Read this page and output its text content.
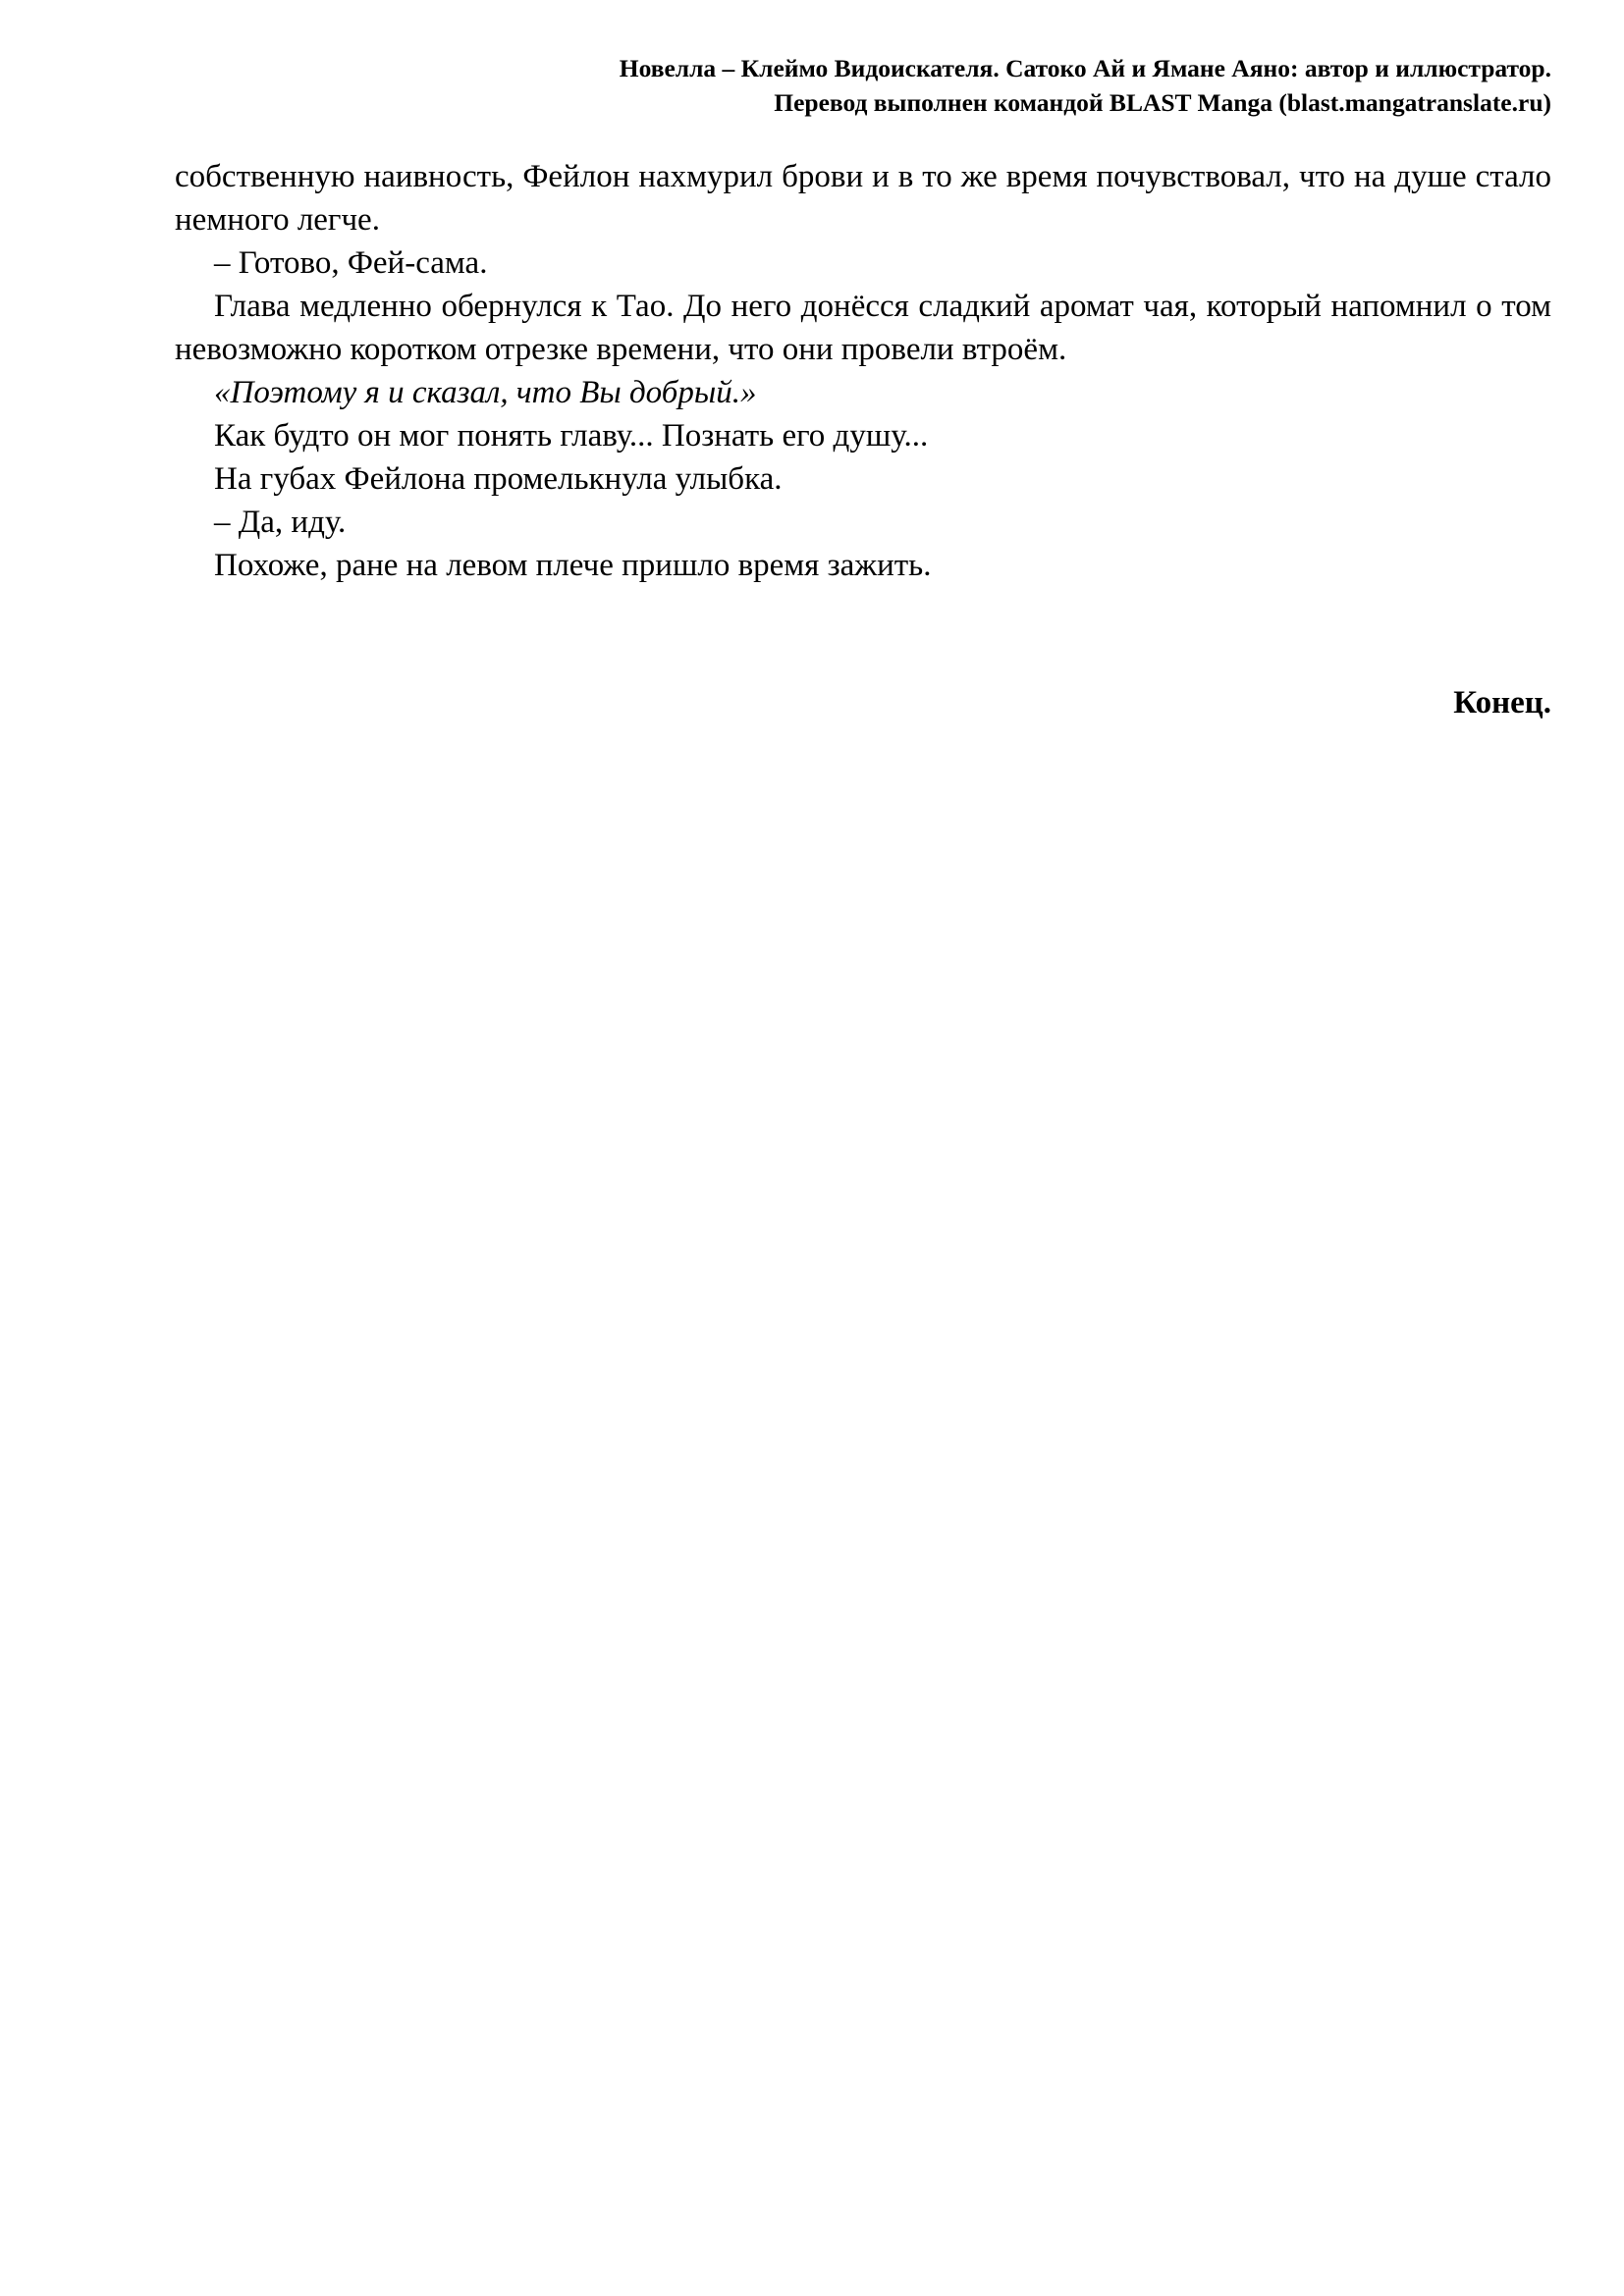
Новелла – Клеймо Видоискателя. Сатоко Ай и Ямане Аяно: автор и иллюстратор.
Перевод выполнен командой BLAST Manga (blast.mangatranslate.ru)

собственную наивность, Фейлон нахмурил брови и в то же время почувствовал, что на душе стало немного легче.

– Готово, Фей-сама.

Глава медленно обернулся к Тао. До него донёсся сладкий аромат чая, который напомнил о том невозможно коротком отрезке времени, что они провели втроём.

«Поэтому я и сказал, что Вы добрый.»

Как будто он мог понять главу... Познать его душу...

На губах Фейлона промелькнула улыбка.

– Да, иду.

Похоже, ране на левом плече пришло время зажить.

Конец.
